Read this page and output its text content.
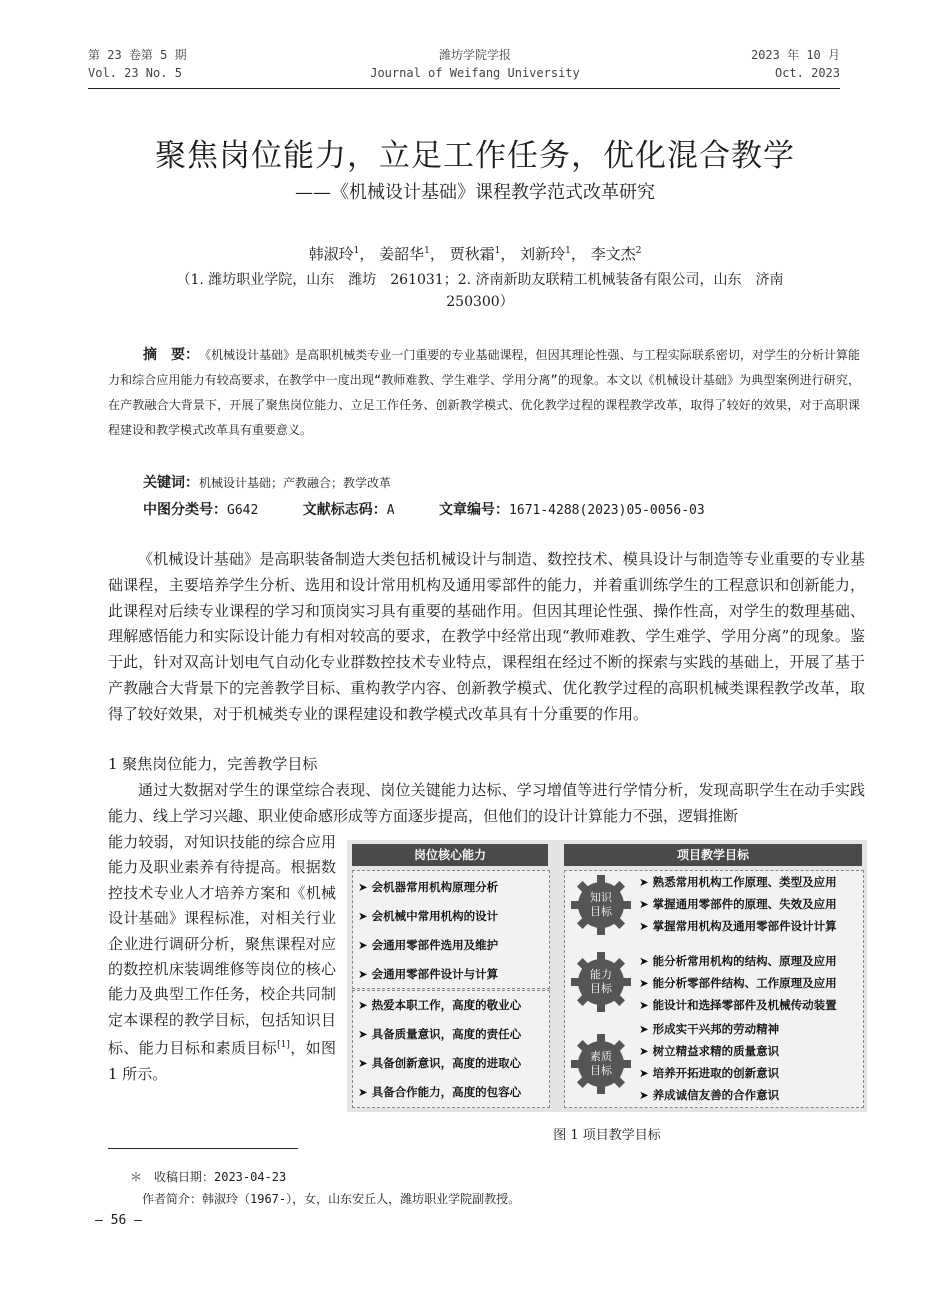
第 23 卷第 5 期
Vol. 23 No. 5
潍坊学院学报
Journal of Weifang University
2023 年 10 月
Oct. 2023
聚焦岗位能力，立足工作任务，优化混合教学
——《机械设计基础》课程教学范式改革研究
韩淑玲$^1$， 姜韶华$^1$， 贾秋霜$^1$， 刘新玲$^1$， 李文杰$^2$
（1. 潍坊职业学院，山东　潍坊　261031；2. 济南新助友联精工机械装备有限公司，山东　济南
250300）
摘　要： 《机械设计基础》是高职机械类专业一门重要的专业基础课程，但因其理论性强、与工程实际联系密切，对学生的分析计算能力和综合应用能力有较高要求，在教学中一度出现“教师难教、学生难学、学用分离”的现象。本文以《机械设计基础》为典型案例进行研究，在产教融合大背景下，开展了聚焦岗位能力、立足工作任务、创新教学模式、优化教学过程的课程教学改革，取得了较好的效果，对于高职课程建设和教学模式改革具有重要意义。
关键词：机械设计基础；产教融合；教学改革
中图分类号：G642	文献标志码：A	文章编号：1671-4288(2023)05-0056-03

《机械设计基础》是高职装备制造大类包括机械设计与制造、数控技术、模具设计与制造等专业重要的专业基础课程，主要培养学生分析、选用和设计常用机构及通用零部件的能力，并着重训练学生的工程意识和创新能力，此课程对后续专业课程的学习和顶岗实习具有重要的基础作用。但因其理论性强、操作性高，对学生的数理基础、理解感悟能力和实际设计能力有相对较高的要求，在教学中经常出现“教师难教、学生难学、学用分离”的现象。鉴于此，针对双高计划电气自动化专业群数控技术专业特点，课程组在经过不断的探索与实践的基础上，开展了基于产教融合大背景下的完善教学目标、重构教学内容、创新教学模式、优化教学过程的高职机械类课程教学改革，取得了较好效果，对于机械类专业的课程建设和教学模式改革具有十分重要的作用。

1 聚焦岗位能力，完善教学目标
通过大数据对学生的课堂综合表现、岗位关键能力达标、学习增值等进行学情分析，发现高职学生在动手实践能力、线上学习兴趣、职业使命感形成等方面逐步提高，但他们的设计计算能力不强，逻辑推断
能力较弱，对知识技能的综合应用能力及职业素养有待提高。根据数控技术专业人才培养方案和《机械设计基础》课程标准，对相关行业企业进行调研分析，聚焦课程对应的数控机床装调维修等岗位的核心能力及典型工作任务，校企共同制定本课程的教学目标，包括知识目标、能力目标和素质目标[1]，如图 1 所示。
岗位核心能力	项目教学目标
➤ 会机器常用机构原理分析
➤ 会机械中常用机构的设计
➤ 会通用零部件选用及维护
➤ 会通用零部件设计与计算
➤ 热爱本职工作，高度的敬业心
➤ 具备质量意识，高度的责任心
➤ 具备创新意识，高度的进取心
➤ 具备合作能力，高度的包容心
知识
目标
能力
目标
素质
目标
➤ 熟悉常用机构工作原理、类型及应用
➤ 掌握通用零部件的原理、失效及应用
➤ 掌握常用机构及通用零部件设计计算
➤ 能分析常用机构的结构、原理及应用
➤ 能分析零部件结构、工作原理及应用
➤ 能设计和选择零部件及机械传动装置
➤ 形成实干兴邦的劳动精神
➤ 树立精益求精的质量意识
➤ 培养开拓进取的创新意识
➤ 养成诚信友善的合作意识
图 1 项目教学目标
＊　收稿日期：2023-04-23
　作者简介：韩淑玲（1967-），女，山东安丘人，潍坊职业学院副教授。
— 56 —
